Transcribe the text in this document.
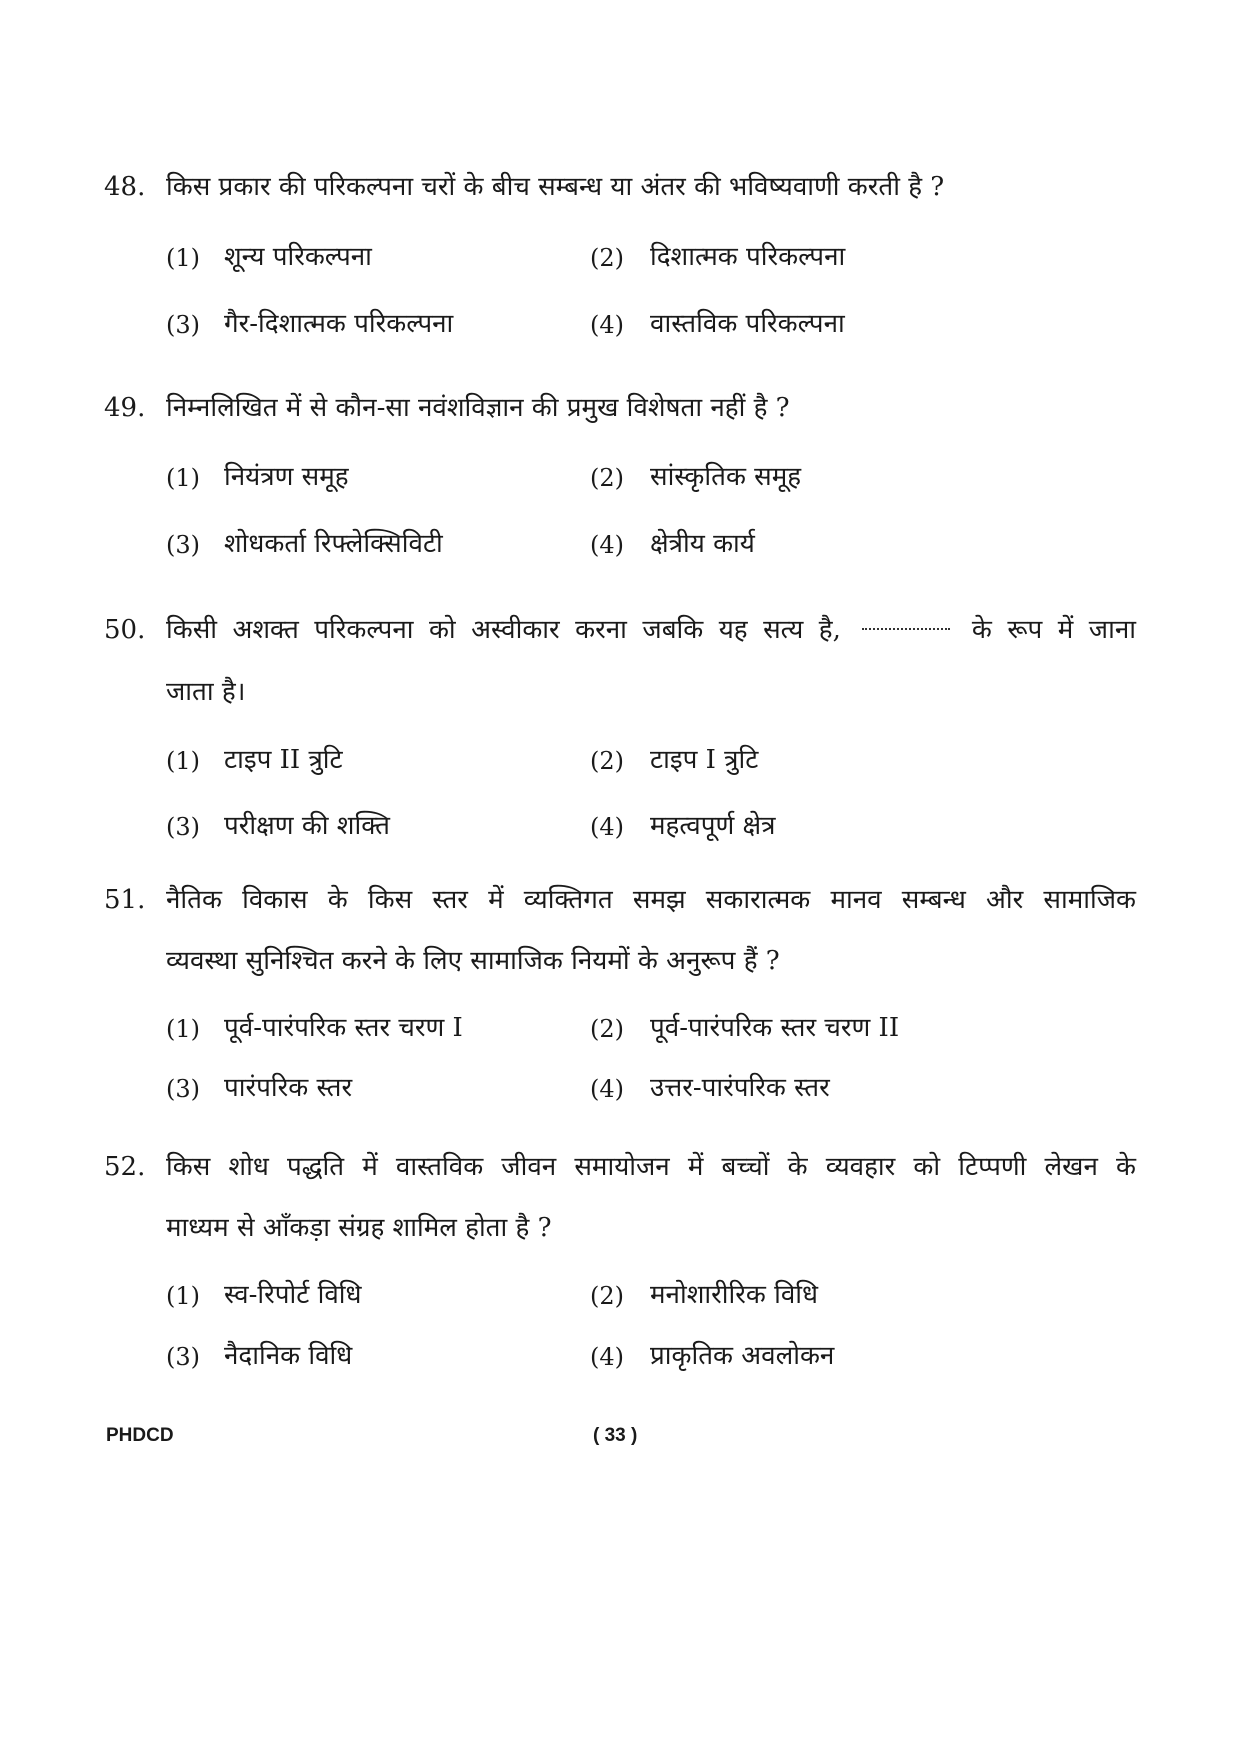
48. किस प्रकार की परिकल्पना चरों के बीच सम्बन्ध या अंतर की भविष्यवाणी करती है ?
(1) शून्य परिकल्पना	(2) दिशात्मक परिकल्पना
(3) गैर-दिशात्मक परिकल्पना	(4) वास्तविक परिकल्पना
49. निम्नलिखित में से कौन-सा नवंशविज्ञान की प्रमुख विशेषता नहीं है ?
(1) नियंत्रण समूह	(2) सांस्कृतिक समूह
(3) शोधकर्ता रिफ्लेक्सिविटी	(4) क्षेत्रीय कार्य
50. किसी अशक्त परिकल्पना को अस्वीकार करना जबकि यह सत्य है,	के रूप में जाना
जाता है।
(1) टाइप II त्रुटि	(2) टाइप I त्रुटि
(3) परीक्षण की शक्ति	(4) महत्वपूर्ण क्षेत्र
51. नैतिक विकास के किस स्तर में व्यक्तिगत समझ सकारात्मक मानव सम्बन्ध और सामाजिक
व्यवस्था सुनिश्चित करने के लिए सामाजिक नियमों के अनुरूप हैं ?
(1) पूर्व-पारंपरिक स्तर चरण I	(2) पूर्व-पारंपरिक स्तर चरण II
(3) पारंपरिक स्तर	(4) उत्तर-पारंपरिक स्तर
52. किस शोध पद्धति में वास्तविक जीवन समायोजन में बच्चों के व्यवहार को टिप्पणी लेखन के
माध्यम से आँकड़ा संग्रह शामिल होता है ?
(1) स्व-रिपोर्ट विधि	(2) मनोशारीरिक विधि
(3) नैदानिक विधि	(4) प्राकृतिक अवलोकन
PHDCD	( 33 )
